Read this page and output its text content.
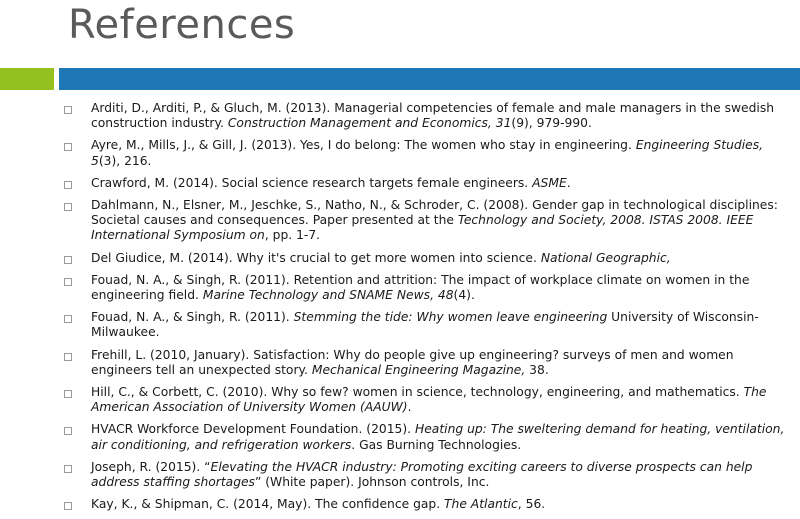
References
Arditi, D., Arditi, P., & Gluch, M. (2013). Managerial competencies of female and male managers in the swedish construction industry. Construction Management and Economics, 31(9), 979-990.
Ayre, M., Mills, J., & Gill, J. (2013). Yes, I do belong: The women who stay in engineering. Engineering Studies, 5(3), 216.
Crawford, M. (2014). Social science research targets female engineers. ASME.
Dahlmann, N., Elsner, M., Jeschke, S., Natho, N., & Schroder, C. (2008). Gender gap in technological disciplines: Societal causes and consequences. Paper presented at the Technology and Society, 2008. ISTAS 2008. IEEE International Symposium on, pp. 1-7.
Del Giudice, M. (2014). Why it's crucial to get more women into science. National Geographic,
Fouad, N. A., & Singh, R. (2011). Retention and attrition: The impact of workplace climate on women in the engineering field. Marine Technology and SNAME News, 48(4).
Fouad, N. A., & Singh, R. (2011). Stemming the tide: Why women leave engineering University of Wisconsin-Milwaukee.
Frehill, L. (2010, January). Satisfaction: Why do people give up engineering? surveys of men and women engineers tell an unexpected story. Mechanical Engineering Magazine, 38.
Hill, C., & Corbett, C. (2010). Why so few? women in science, technology, engineering, and mathematics. The American Association of University Women (AAUW).
HVACR Workforce Development Foundation. (2015). Heating up: The sweltering demand for heating, ventilation, air conditioning, and refrigeration workers. Gas Burning Technologies.
Joseph, R. (2015). “Elevating the HVACR industry: Promoting exciting careers to diverse prospects can help address staffing shortages” (White paper). Johnson controls, Inc.
Kay, K., & Shipman, C. (2014, May). The confidence gap. The Atlantic, 56.
